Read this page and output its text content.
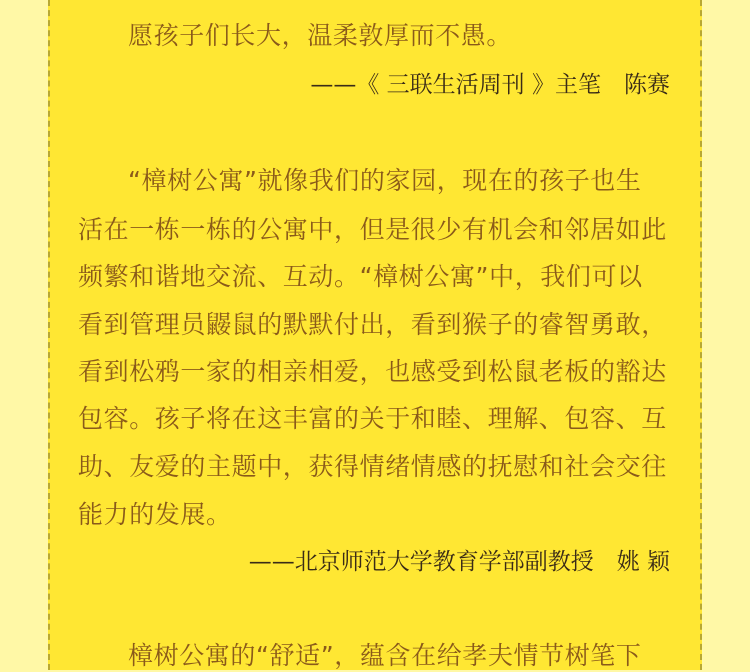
愿孩子们长大，温柔敦厚而不愚。
——《 三联生活周刊 》主笔　陈赛
“樟树公寓”就像我们的家园，现在的孩子也生
活在一栋一栋的公寓中，但是很少有机会和邻居如此
频繁和谐地交流、互动。“樟树公寓”中，我们可以
看到管理员鼹鼠的默默付出，看到猴子的睿智勇敢，
看到松鸦一家的相亲相爱，也感受到松鼠老板的豁达
包容。孩子将在这丰富的关于和睦、理解、包容、互
助、友爱的主题中，获得情绪情感的抚慰和社会交往
能力的发展。
——北京师范大学教育学部副教授　姚 颖
樟树公寓的“舒适”，蕴含在给孝夫情节树笔下
